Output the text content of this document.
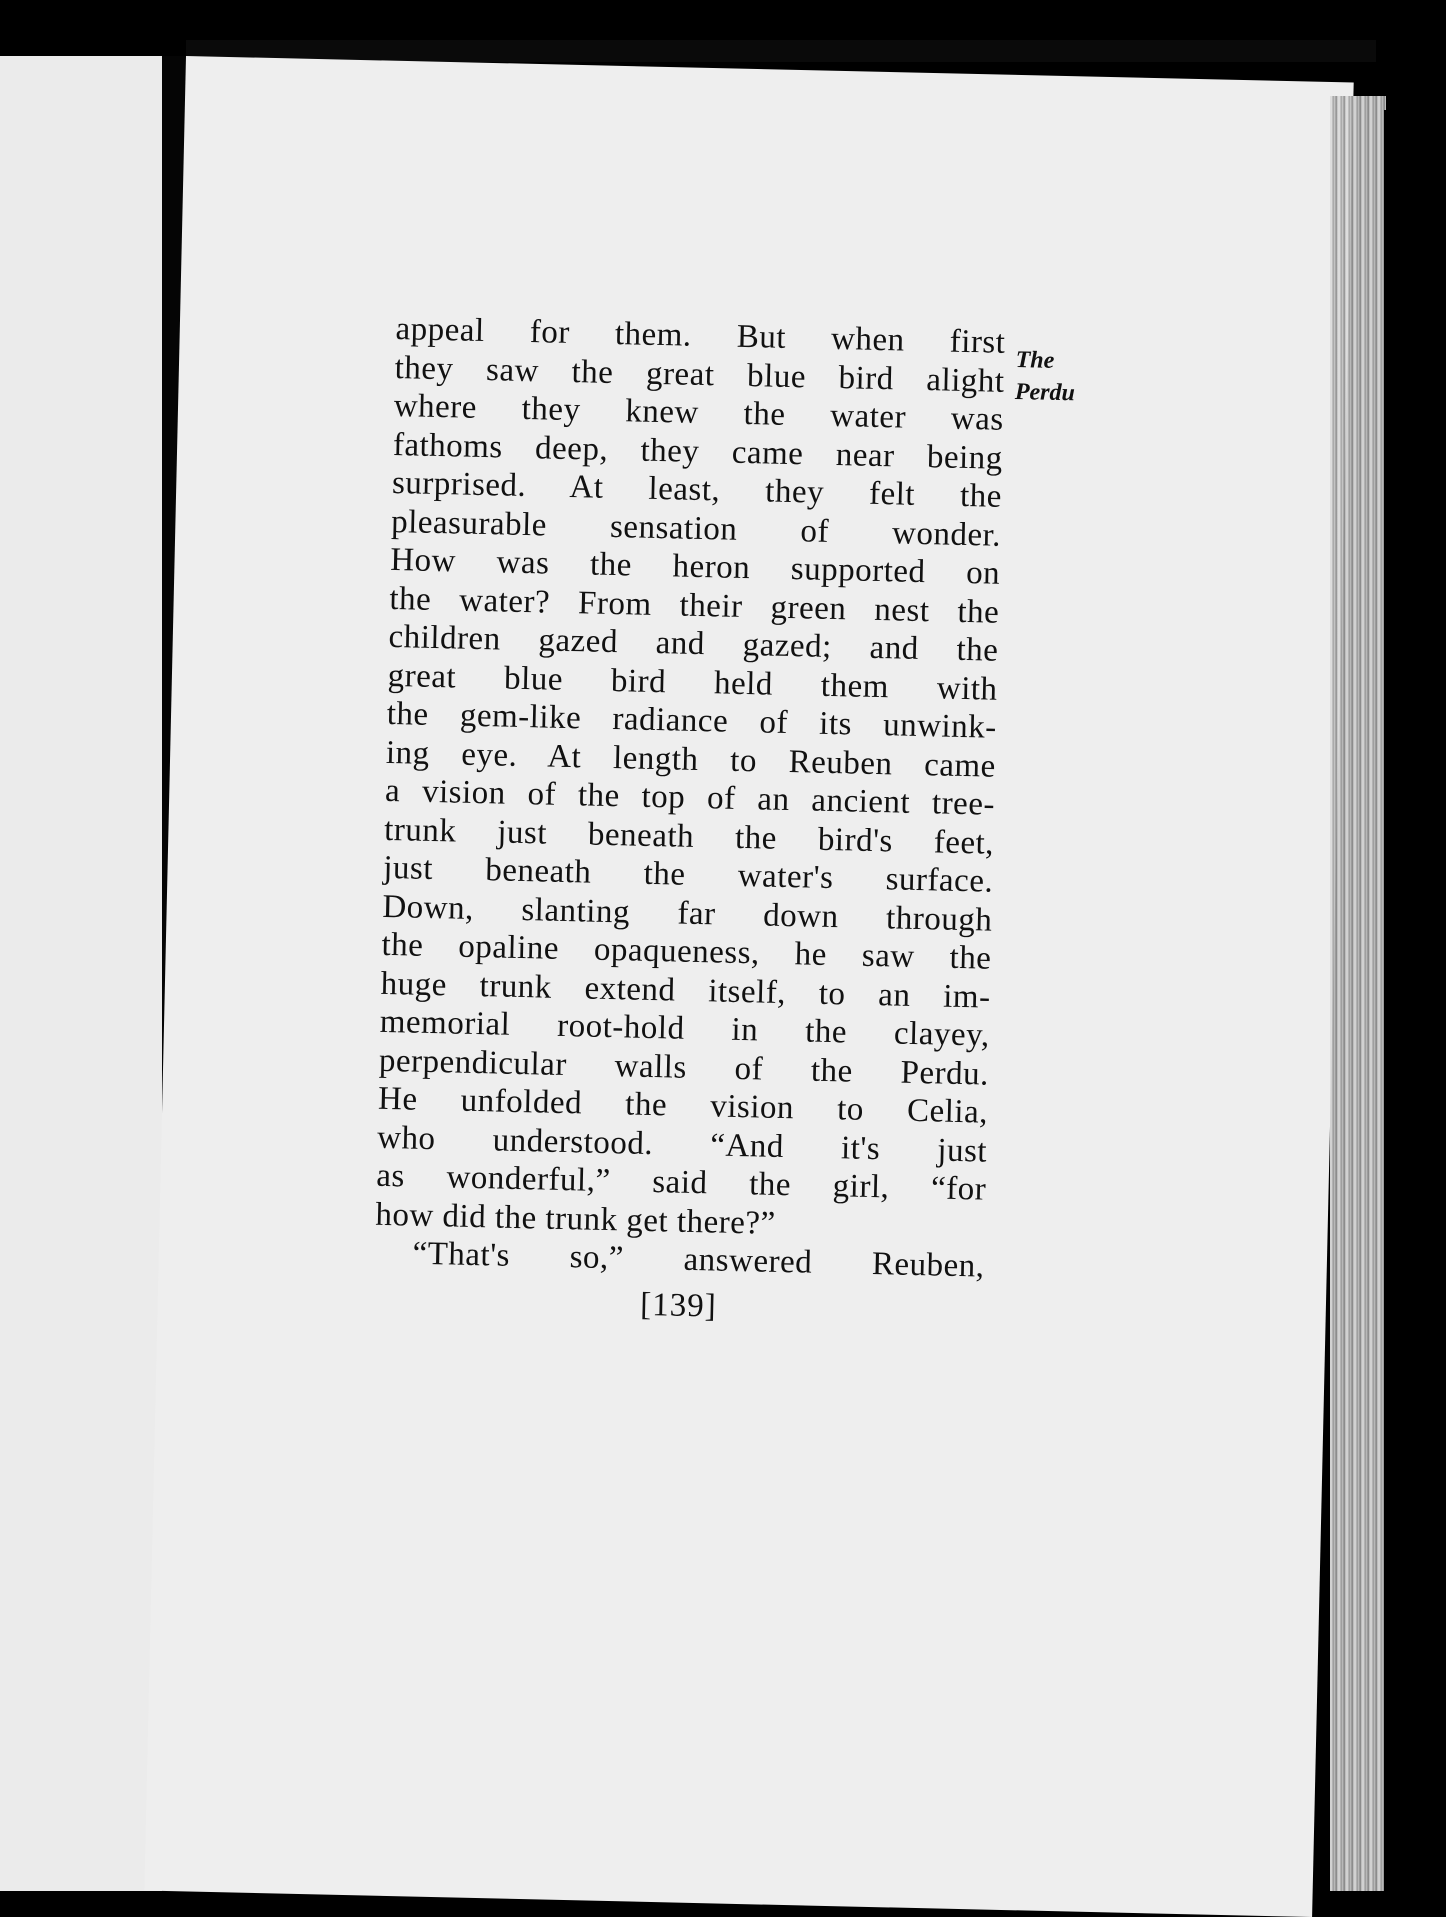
The
Perdu
appeal for them. But when first
they saw the great blue bird alight
where they knew the water was
fathoms deep, they came near being
surprised. At least, they felt the
pleasurable sensation of wonder.
How was the heron supported on
the water? From their green nest the
children gazed and gazed; and the
great blue bird held them with
the gem-like radiance of its unwink-
ing eye. At length to Reuben came
a vision of the top of an ancient tree-
trunk just beneath the bird's feet,
just beneath the water's surface.
Down, slanting far down through
the opaline opaqueness, he saw the
huge trunk extend itself, to an im-
memorial root-hold in the clayey,
perpendicular walls of the Perdu.
He unfolded the vision to Celia,
who understood. “And it's just
as wonderful,” said the girl, “for
how did the trunk get there?”
“That's so,” answered Reuben,
[139]
